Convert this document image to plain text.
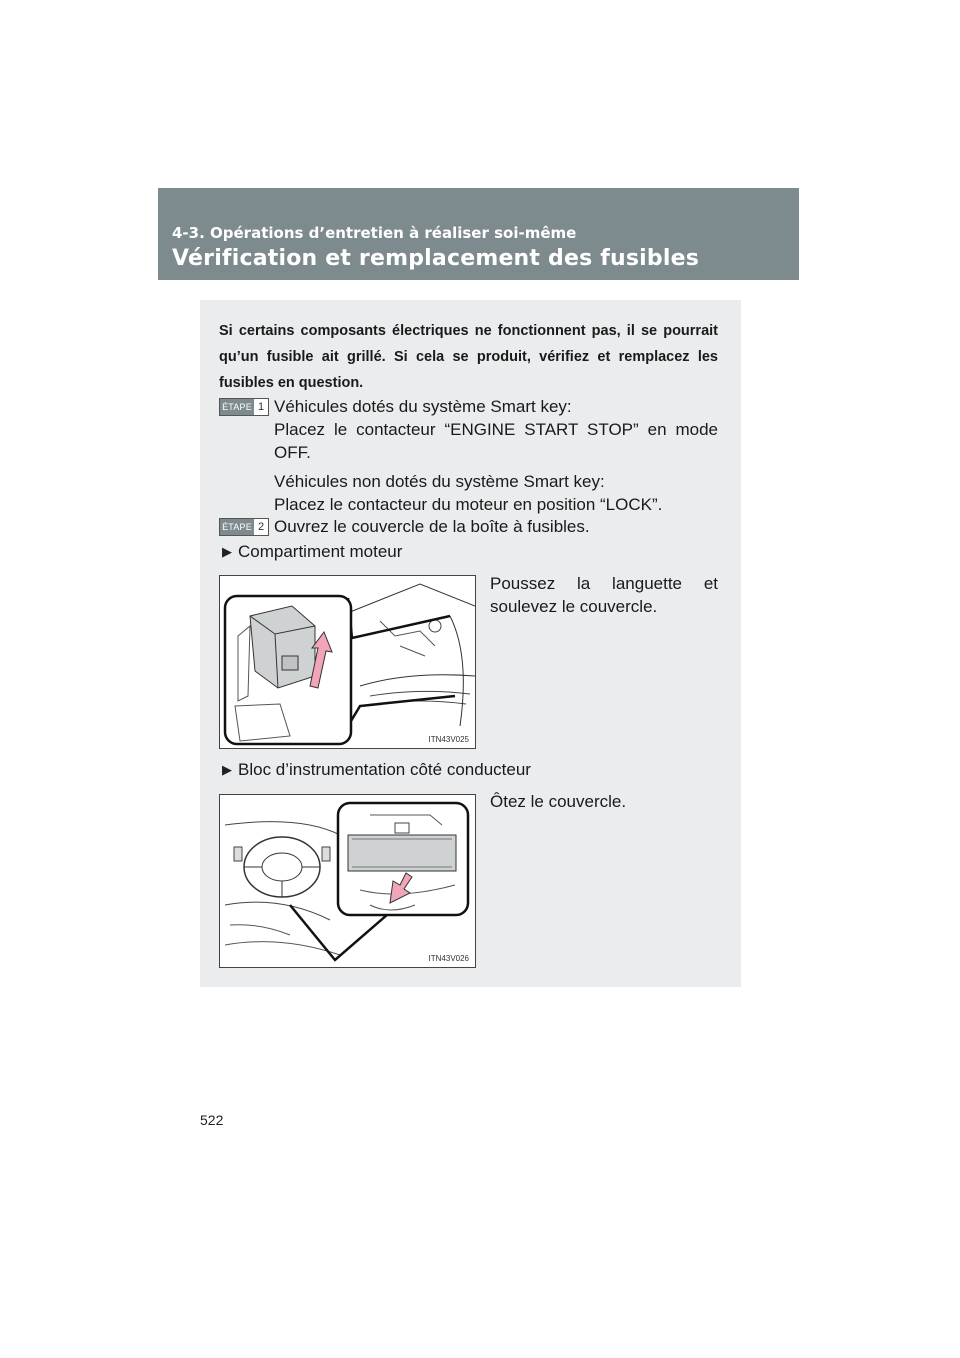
4-3. Opérations d’entretien à réaliser soi-même
Vérification et remplacement des fusibles
Si certains composants électriques ne fonctionnent pas, il se pourrait qu’un fusible ait grillé. Si cela se produit, vérifiez et remplacez les fusibles en question.
ÉTAPE 1 Véhicules dotés du système Smart key:
Placez le contacteur “ENGINE START STOP” en mode OFF.
Véhicules non dotés du système Smart key:
Placez le contacteur du moteur en position “LOCK”.
ÉTAPE 2 Ouvrez le couvercle de la boîte à fusibles.
▶ Compartiment moteur
Poussez la languette et soulevez le couvercle.
ITN43V025
▶ Bloc d’instrumentation côté conducteur
Ôtez le couvercle.
ITN43V026
522
